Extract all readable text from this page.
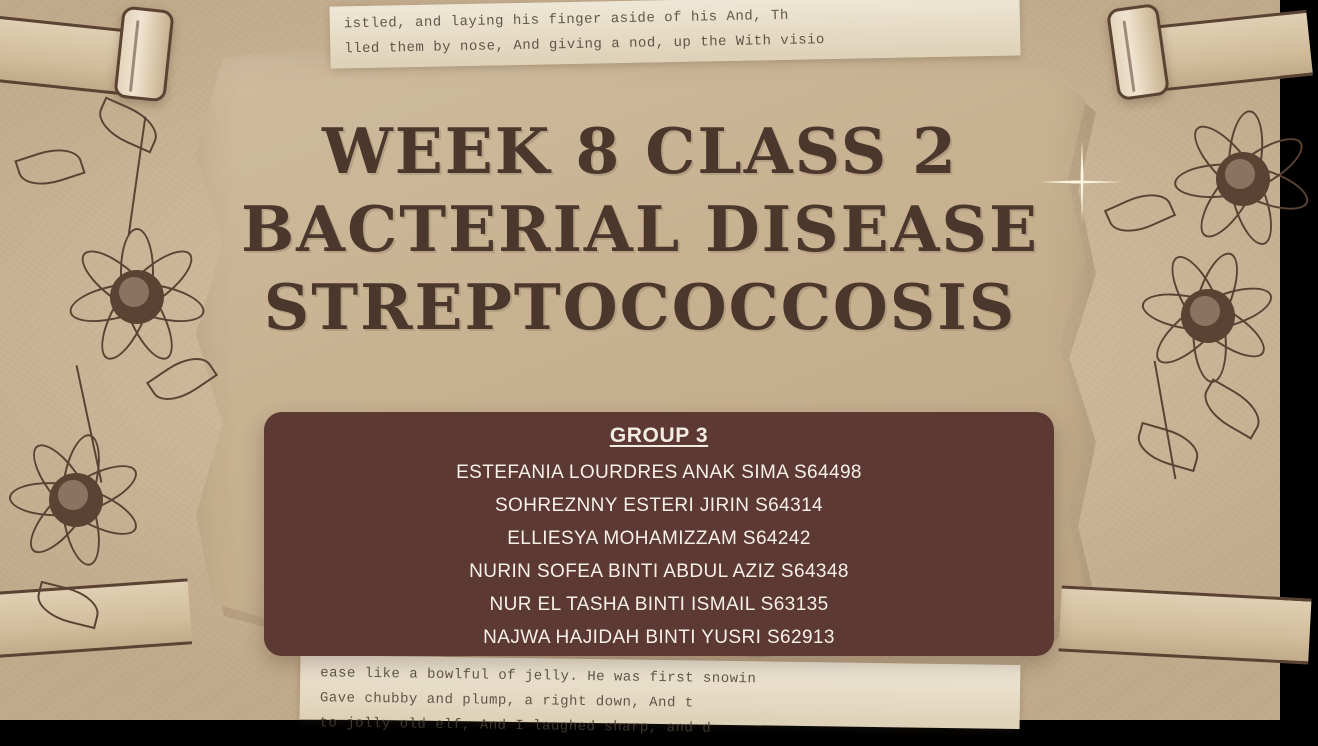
istled, and laying his finger aside of his And, Th
lled them by nose, And giving a nod, up the With visio
ease like a bowlful of jelly. He was first snowin
Gave chubby and plump, a right down, And t
to jolly old elf, And I laughed sharp, and d
WEEK 8 CLASS 2
BACTERIAL DISEASE
STREPTOCOCCOSIS
GROUP 3
ESTEFANIA LOURDRES ANAK SIMA S64498
SOHREZNNY ESTERI JIRIN S64314
ELLIESYA MOHAMIZZAM S64242
NURIN SOFEA BINTI ABDUL AZIZ S64348
NUR EL TASHA BINTI ISMAIL S63135
NAJWA HAJIDAH BINTI YUSRI S62913
